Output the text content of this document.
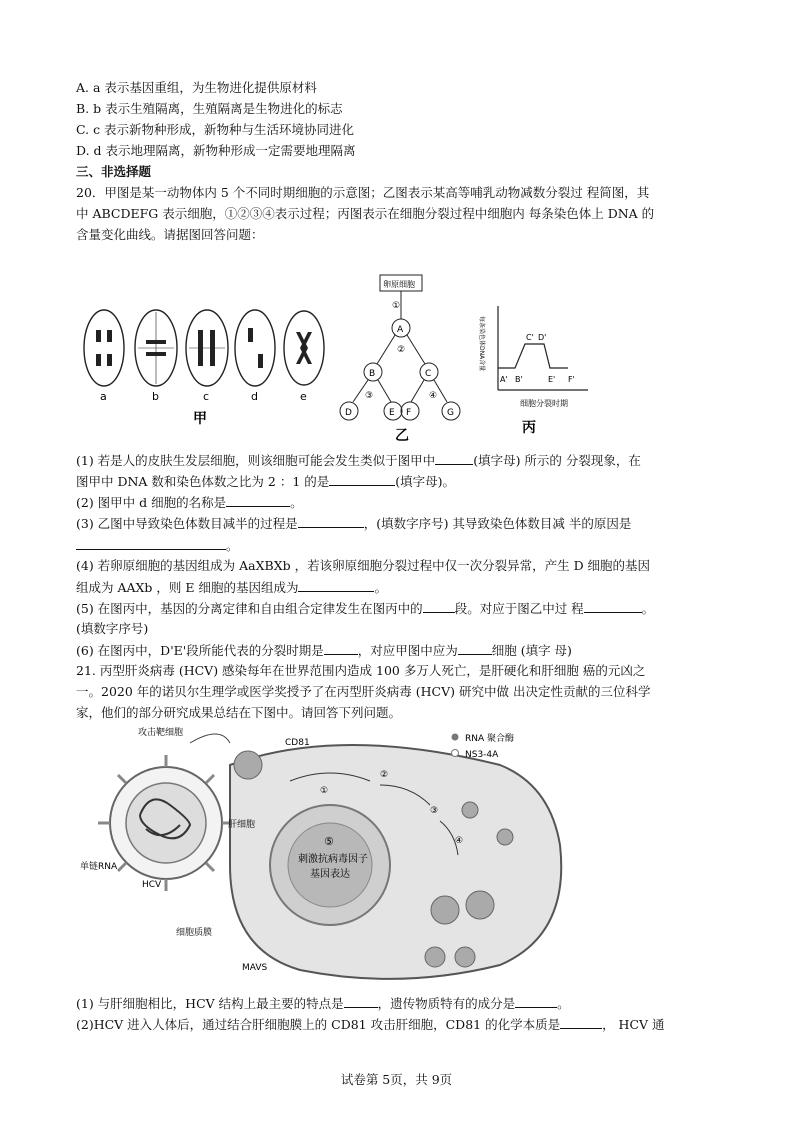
A. a 表示基因重组，为生物进化提供原材料
B. b 表示生殖隔离，生殖隔离是生物进化的标志
C. c 表示新物种形成，新物种与生活环境协同进化
D. d 表示地理隔离，新物种形成一定需要地理隔离
三、非选择题
20．甲图是某一动物体内 5 个不同时期细胞的示意图；乙图表示某高等哺乳动物减数分裂过 程简图，其
中 ABCDEFG 表示细胞，①②③④表示过程；丙图表示在细胞分裂过程中细胞内 每条染色体上 DNA 的
含量变化曲线。请据图回答问题：
a	b	c	d	e
甲
卵原细胞
①
A
②
B	C
③	④
D	E F	G
乙
每条染色体DNA含量
A' B'
C' D'
E' F'
细胞分裂时期
丙
(1) 若是人的皮肤生发层细胞，则该细胞可能会发生类似于图甲中	(填字母) 所示的 分裂现象，在
图甲中 DNA 数和染色体数之比为 2 ：1 的是	(填字母)。
(2) 图甲中 d 细胞的名称是	。
(3) 乙图中导致染色体数目减半的过程是	，(填数字序号) 其导致染色体数目减 半的原因是
。
(4) 若卵原细胞的基因组成为 AaXBXb ，若该卵原细胞分裂过程中仅一次分裂异常，产生 D 细胞的基因
组成为 AAXb ，则 E 细胞的基因组成为	。
(5) 在图丙中，基因的分离定律和自由组合定律发生在图丙中的	段。对应于图乙中过 程	。
(填数字序号)
(6) 在图丙中，D'E'段所能代表的分裂时期是	，对应甲图中应为	细胞 (填字 母)
21. 丙型肝炎病毒 (HCV) 感染每年在世界范围内造成 100 多万人死亡，是肝硬化和肝细胞 癌的元凶之
一。2020 年的诺贝尔生理学或医学奖授予了在丙型肝炎病毒 (HCV) 研究中做 出决定性贡献的三位科学
家，他们的部分研究成果总结在下图中。请回答下列问题。
攻击靶细胞
单链RNA
HCV
⑤
刺激抗病毒因子
基因表达
CD81
肝细胞
细胞质膜
MAVS
①
②
③
④
RNA 聚合酶
NS3-4A
(1) 与肝细胞相比，HCV 结构上最主要的特点是	，遗传物质特有的成分是	。
(2)HCV 进入人体后，通过结合肝细胞膜上的 CD81 攻击肝细胞，CD81 的化学本质是	， HCV 通
试卷第 5页，共 9页
